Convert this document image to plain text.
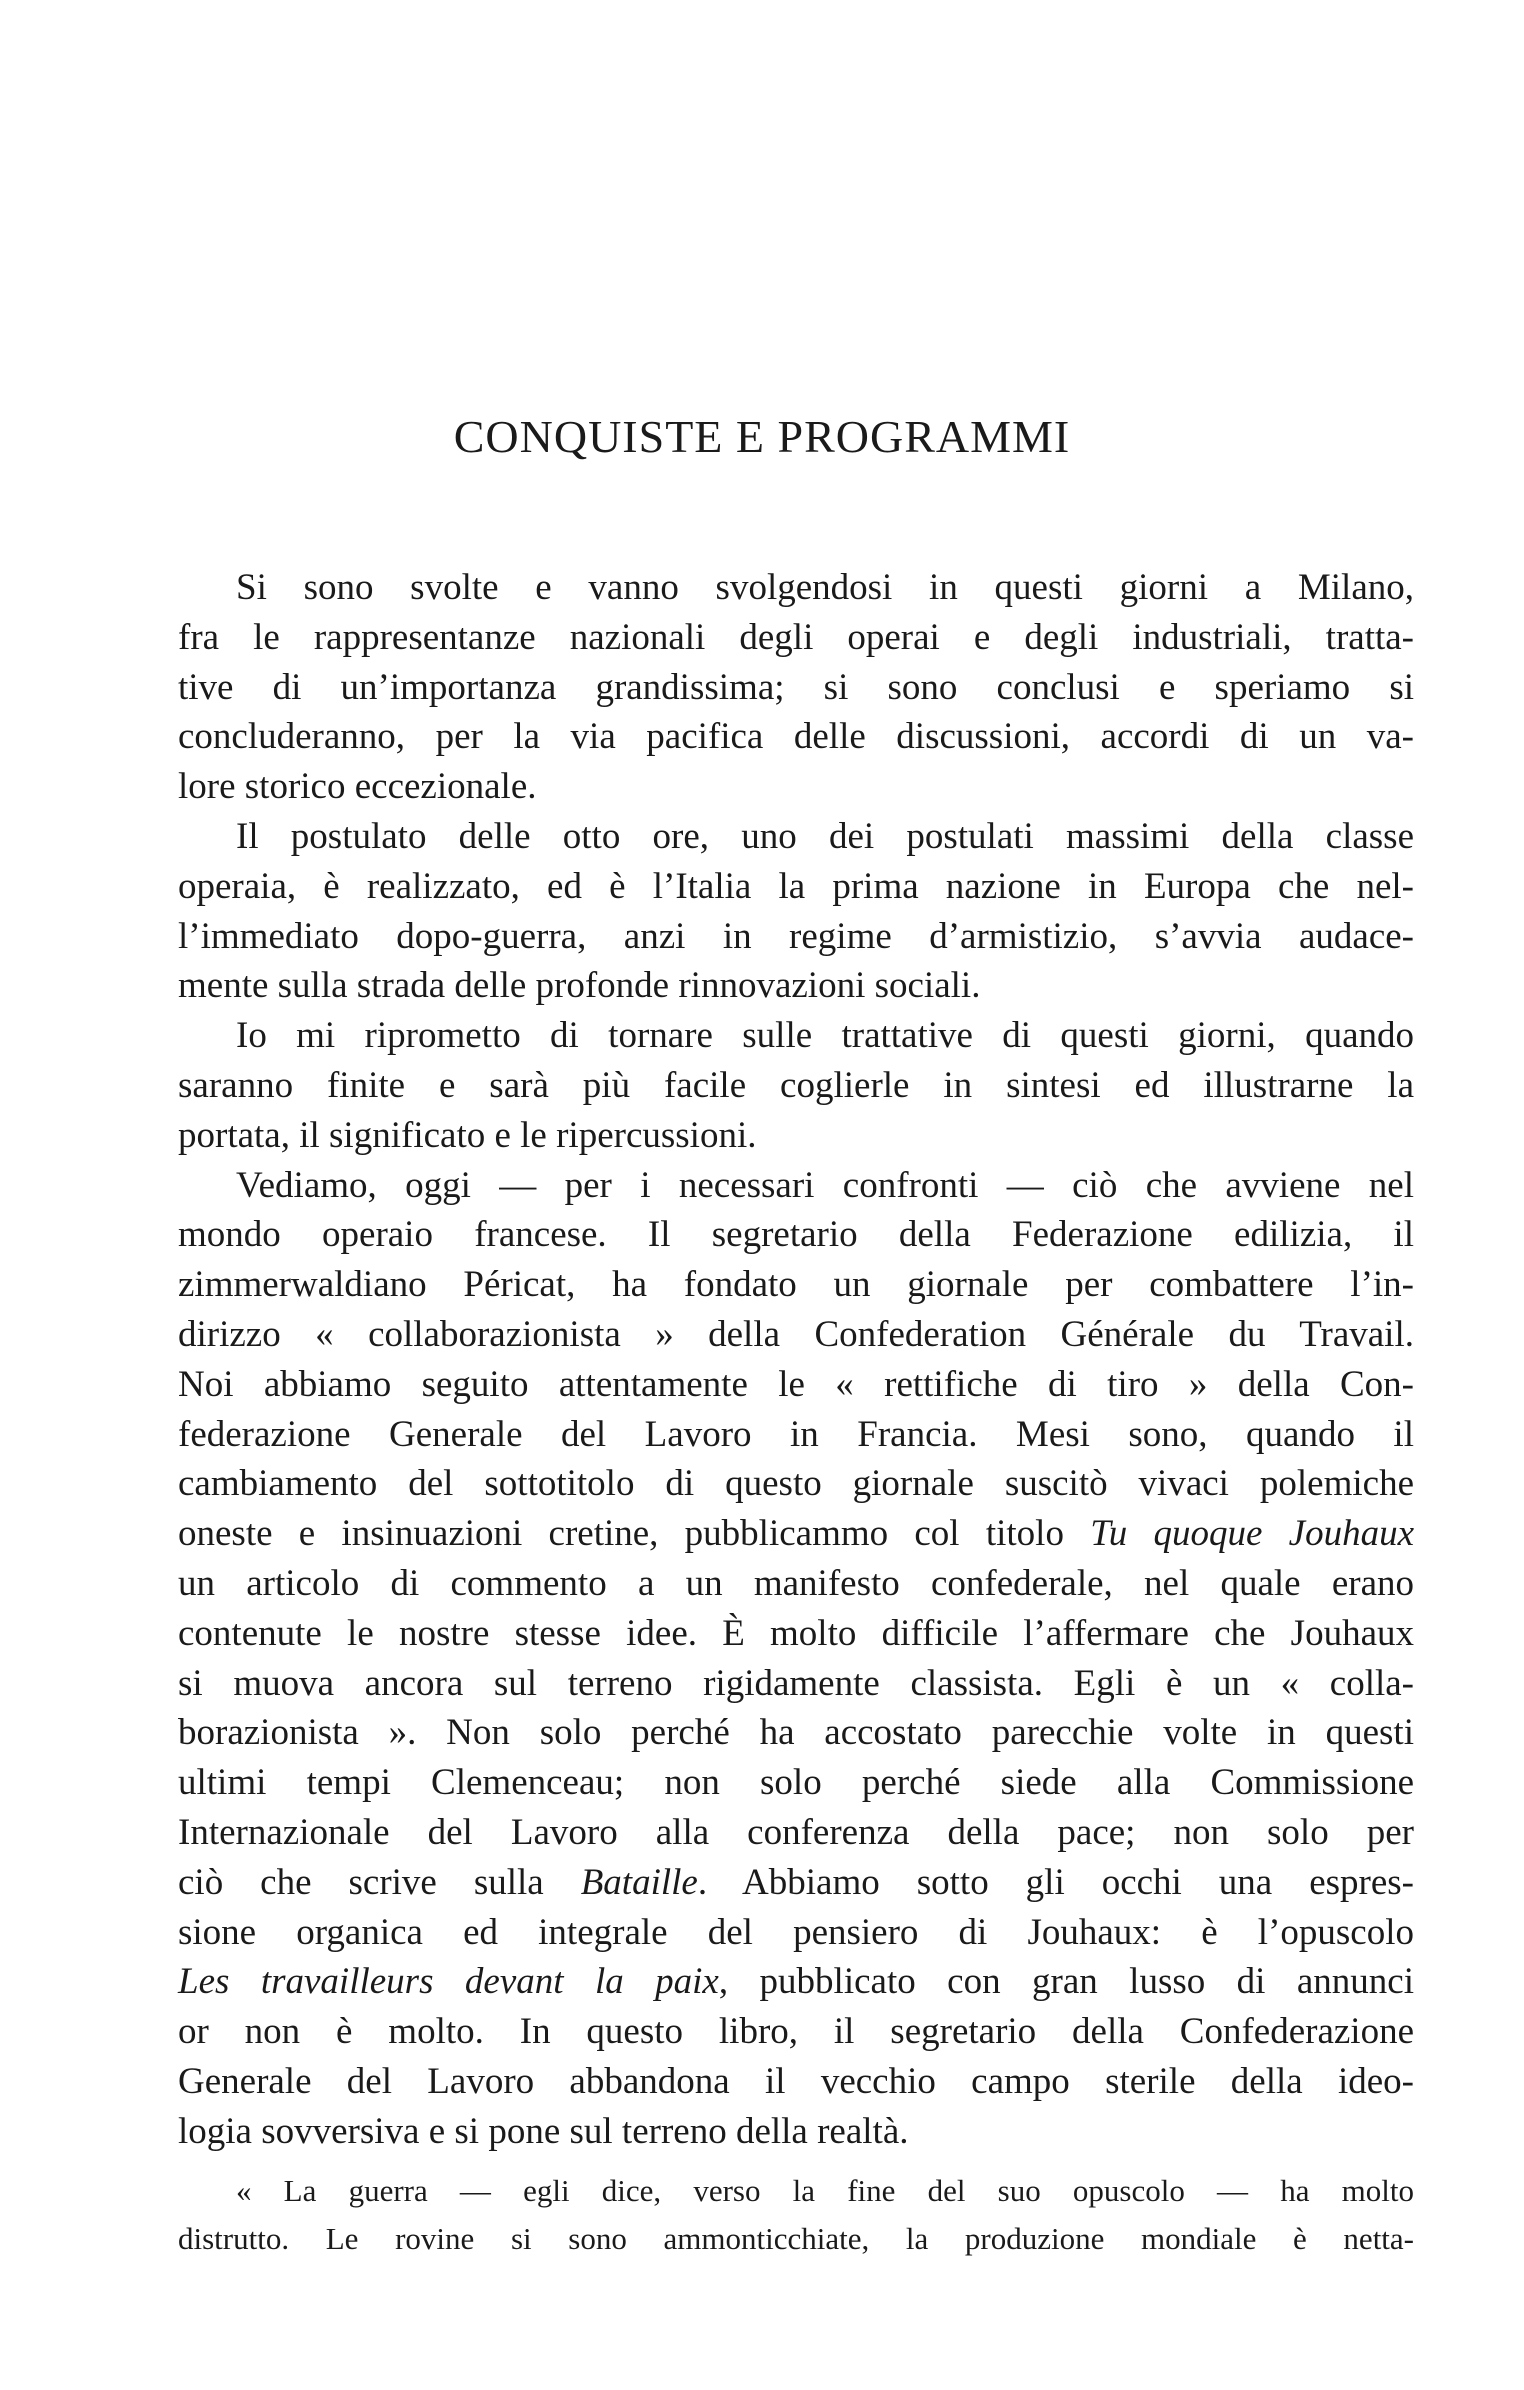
CONQUISTE E PROGRAMMI

Si sono svolte e vanno svolgendosi in questi giorni a Milano,
fra le rappresentanze nazionali degli operai e degli industriali, tratta-
tive di un’importanza grandissima; si sono conclusi e speriamo si
concluderanno, per la via pacifica delle discussioni, accordi di un va-
lore storico eccezionale.

Il postulato delle otto ore, uno dei postulati massimi della classe
operaia, è realizzato, ed è l’Italia la prima nazione in Europa che nel-
l’immediato dopo-guerra, anzi in regime d’armistizio, s’avvia audace-
mente sulla strada delle profonde rinnovazioni sociali.

Io mi riprometto di tornare sulle trattative di questi giorni, quando
saranno finite e sarà più facile coglierle in sintesi ed illustrarne la
portata, il significato e le ripercussioni.

Vediamo, oggi — per i necessari confronti — ciò che avviene nel
mondo operaio francese. Il segretario della Federazione edilizia, il
zimmerwaldiano Péricat, ha fondato un giornale per combattere l’in-
dirizzo « collaborazionista » della Confederation Générale du Travail.
Noi abbiamo seguito attentamente le « rettifiche di tiro » della Con-
federazione Generale del Lavoro in Francia. Mesi sono, quando il
cambiamento del sottotitolo di questo giornale suscitò vivaci polemiche
oneste e insinuazioni cretine, pubblicammo col titolo Tu quoque Jouhaux
un articolo di commento a un manifesto confederale, nel quale erano
contenute le nostre stesse idee. È molto difficile l’affermare che Jouhaux
si muova ancora sul terreno rigidamente classista. Egli è un « colla-
borazionista ». Non solo perché ha accostato parecchie volte in questi
ultimi tempi Clemenceau; non solo perché siede alla Commissione
Internazionale del Lavoro alla conferenza della pace; non solo per
ciò che scrive sulla Bataille. Abbiamo sotto gli occhi una espres-
sione organica ed integrale del pensiero di Jouhaux: è l’opuscolo
Les travailleurs devant la paix, pubblicato con gran lusso di annunci
or non è molto. In questo libro, il segretario della Confederazione
Generale del Lavoro abbandona il vecchio campo sterile della ideo-
logia sovversiva e si pone sul terreno della realtà.

« La guerra — egli dice, verso la fine del suo opuscolo — ha molto
distrutto. Le rovine si sono ammonticchiate, la produzione mondiale è netta-
